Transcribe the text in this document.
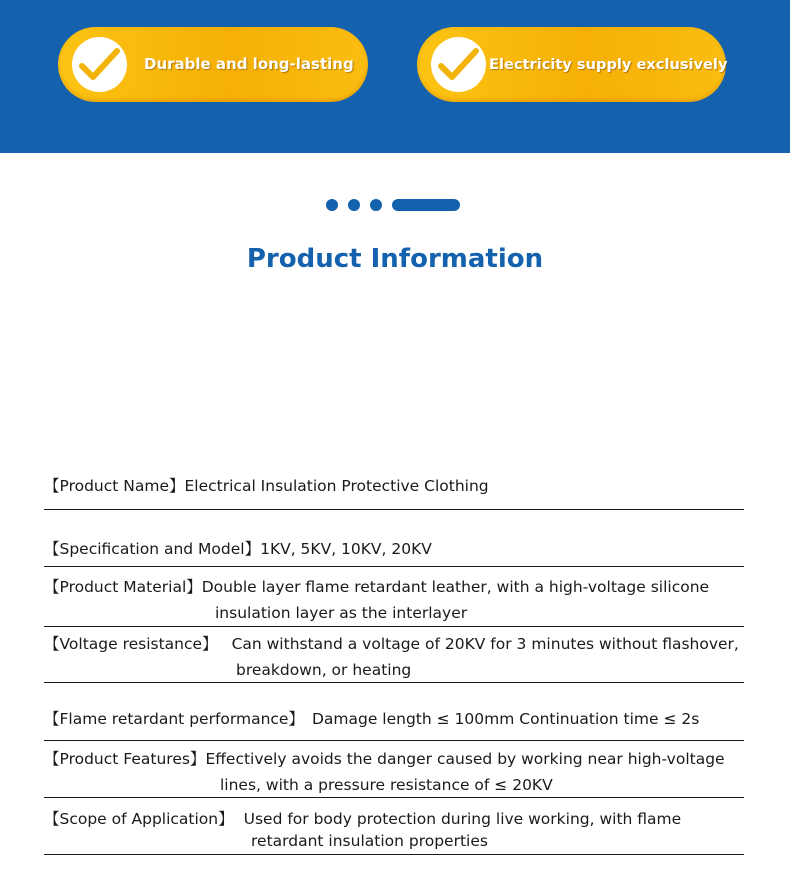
Durable and long-lasting	Electricity supply exclusively
Product Information
【Product Name】Electrical Insulation Protective Clothing
【Specification and Model】1KV, 5KV, 10KV, 20KV
【Product Material】Double layer flame retardant leather, with a high-voltage silicone
insulation layer as the interlayer
【Voltage resistance】 Can withstand a voltage of 20KV for 3 minutes without flashover,
breakdown, or heating
【Flame retardant performance】 Damage length ≤ 100mm Continuation time ≤ 2s
【Product Features】Effectively avoids the danger caused by working near high-voltage
lines, with a pressure resistance of ≤ 20KV
【Scope of Application】 Used for body protection during live working, with flame
retardant insulation properties
